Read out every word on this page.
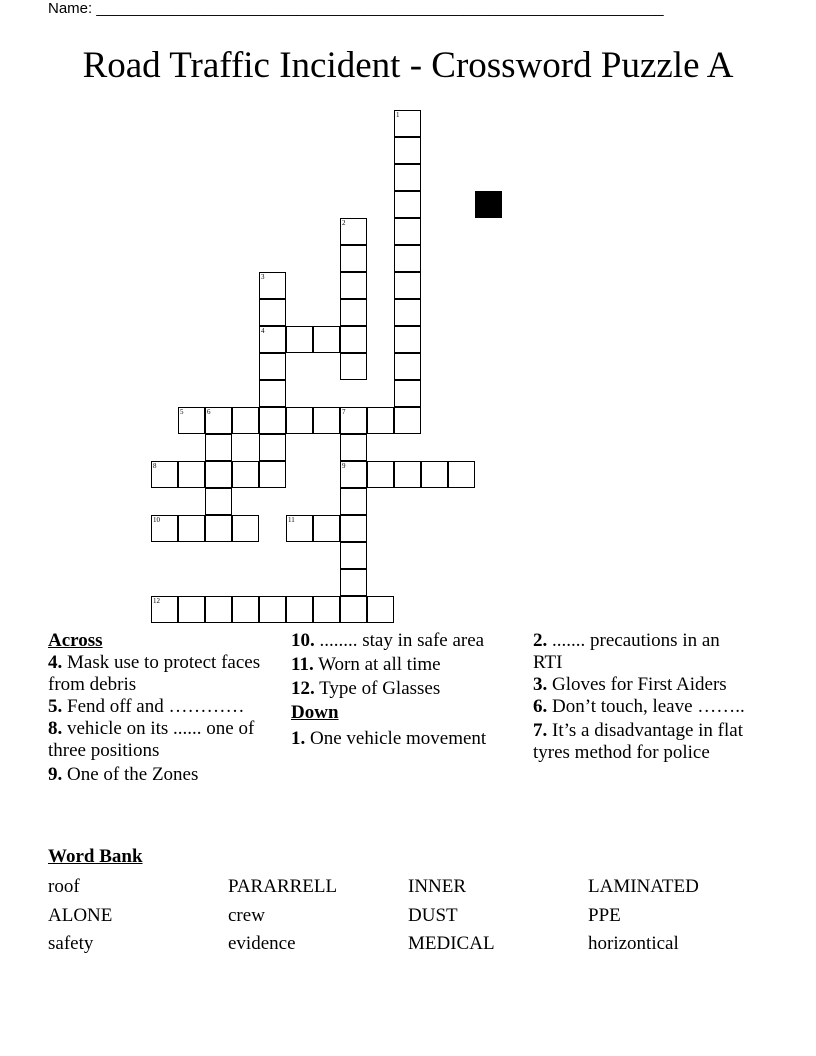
Name: ____________________________________________________________________
Road Traffic Incident - Crossword Puzzle A
1
2
3
4
6	7
9
5
8
10	11
12

Across

4. Mask use to protect faces from debris

5. Fend off and …………

8. vehicle on its ...... one of three positions

9. One of the Zones

10. ........ stay in safe area

11. Worn at all time

12. Type of Glasses

Down

1. One vehicle movement

2. ....... precautions in an RTI

3. Gloves for First Aiders

6. Don’t touch, leave ……..

7. It’s a disadvantage in flat tyres method for police

Word Bank
roof	PARARRELL	INNER	LAMINATED
ALONE	crew	DUST	PPE
safety	evidence	MEDICAL	horizontical
